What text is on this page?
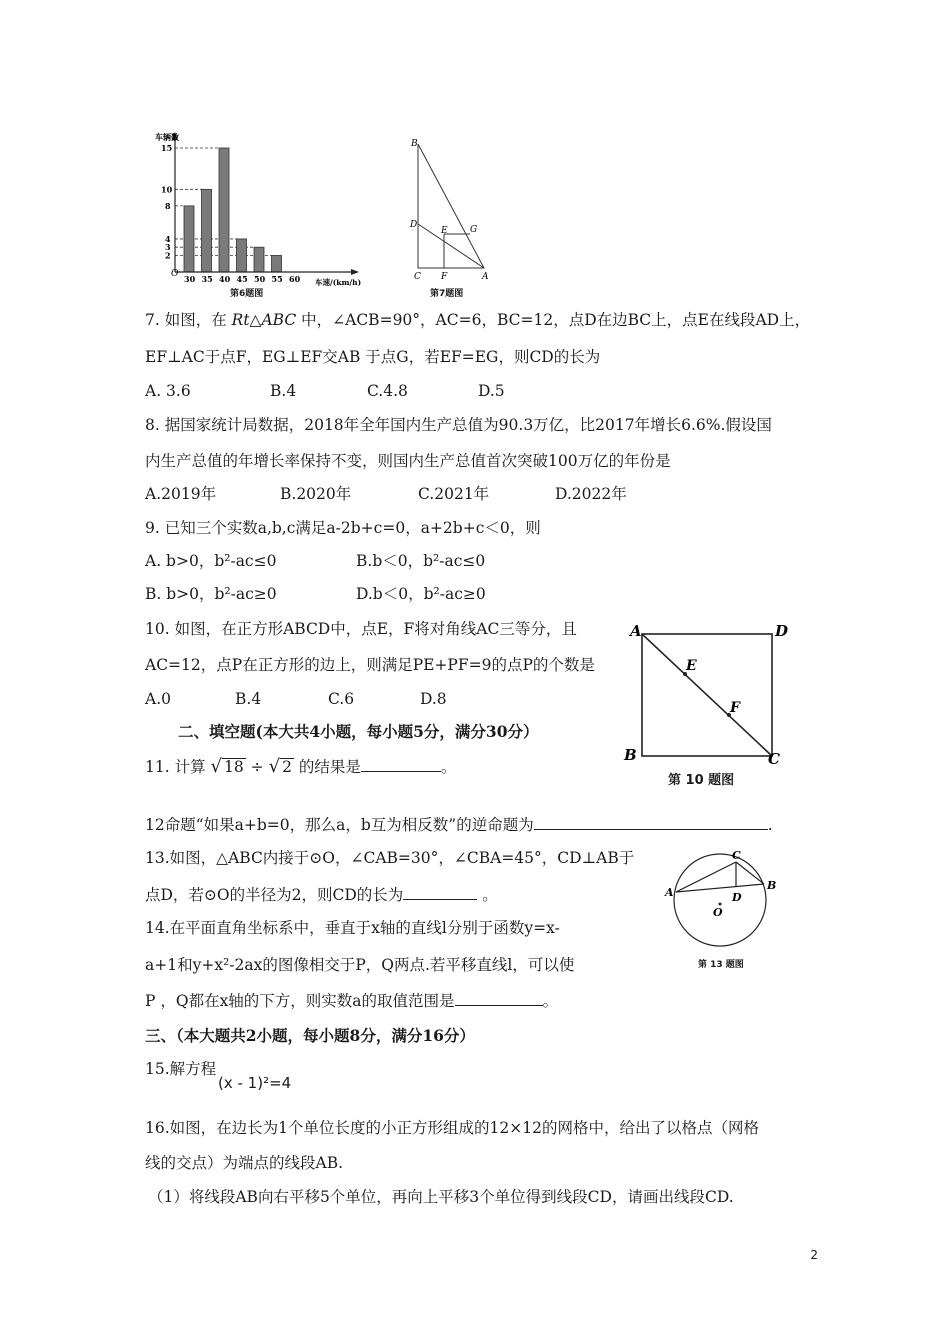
2
3
4
8
10
15
30 35 40 45 50 55 60
O
车辆数
车速/(km/h)
第6题图
B
D
E G
C F	A
第7题图
7. 如图，在 Rt△ABC 中，∠ACB=90°，AC=6，BC=12，点D在边BC上，点E在线段AD上，
EF⊥AC于点F，EG⊥EF交AB 于点G，若EF=EG，则CD的长为
A. 3.6	B.4	C.4.8	D.5
8. 据国家统计局数据，2018年全年国内生产总值为90.3万亿，比2017年增长6.6%.假设国
内生产总值的年增长率保持不变，则国内生产总值首次突破100万亿的年份是
A.2019年	B.2020年	C.2021年	D.2022年
9. 已知三个实数a,b,c满足a-2b+c=0，a+2b+c＜0，则
A. b>0，b²-ac≤0	B.b＜0，b²-ac≤0
B. b>0，b²-ac≥0	D.b＜0，b²-ac≥0
10. 如图，在正方形ABCD中，点E，F将对角线AC三等分，且
AC=12，点P在正方形的边上，则满足PE+PF=9的点P的个数是
A.0	B.4	C.6	D.8
A	D
E
F
B	C
第 10 题图
二、填空题(本大共4小题，每小题5分，满分30分）
11. 计算 √ 18 ÷ √ 2 的结果是	。
12命题“如果a+b=0，那么a，b互为相反数”的逆命题为	.
13.如图，△ABC内接于⊙O，∠CAB=30°，∠CBA=45°，CD⊥AB于
点D，若⊙O的半径为2，则CD的长为	。	A
B
C
D
O
第 13 题图
14.在平面直角坐标系中，垂直于x轴的直线l分别于函数y=x-
a+1和y+x²-2ax的图像相交于P，Q两点.若平移直线l，可以使
P ，Q都在x轴的下方，则实数a的取值范围是	。
三、（本大题共2小题，每小题8分，满分16分）
15.解方程
(x - 1)²=4
16.如图，在边长为1个单位长度的小正方形组成的12×12的网格中，给出了以格点（网格
线的交点）为端点的线段AB.
（1）将线段AB向右平移5个单位，再向上平移3个单位得到线段CD，请画出线段CD.
2
